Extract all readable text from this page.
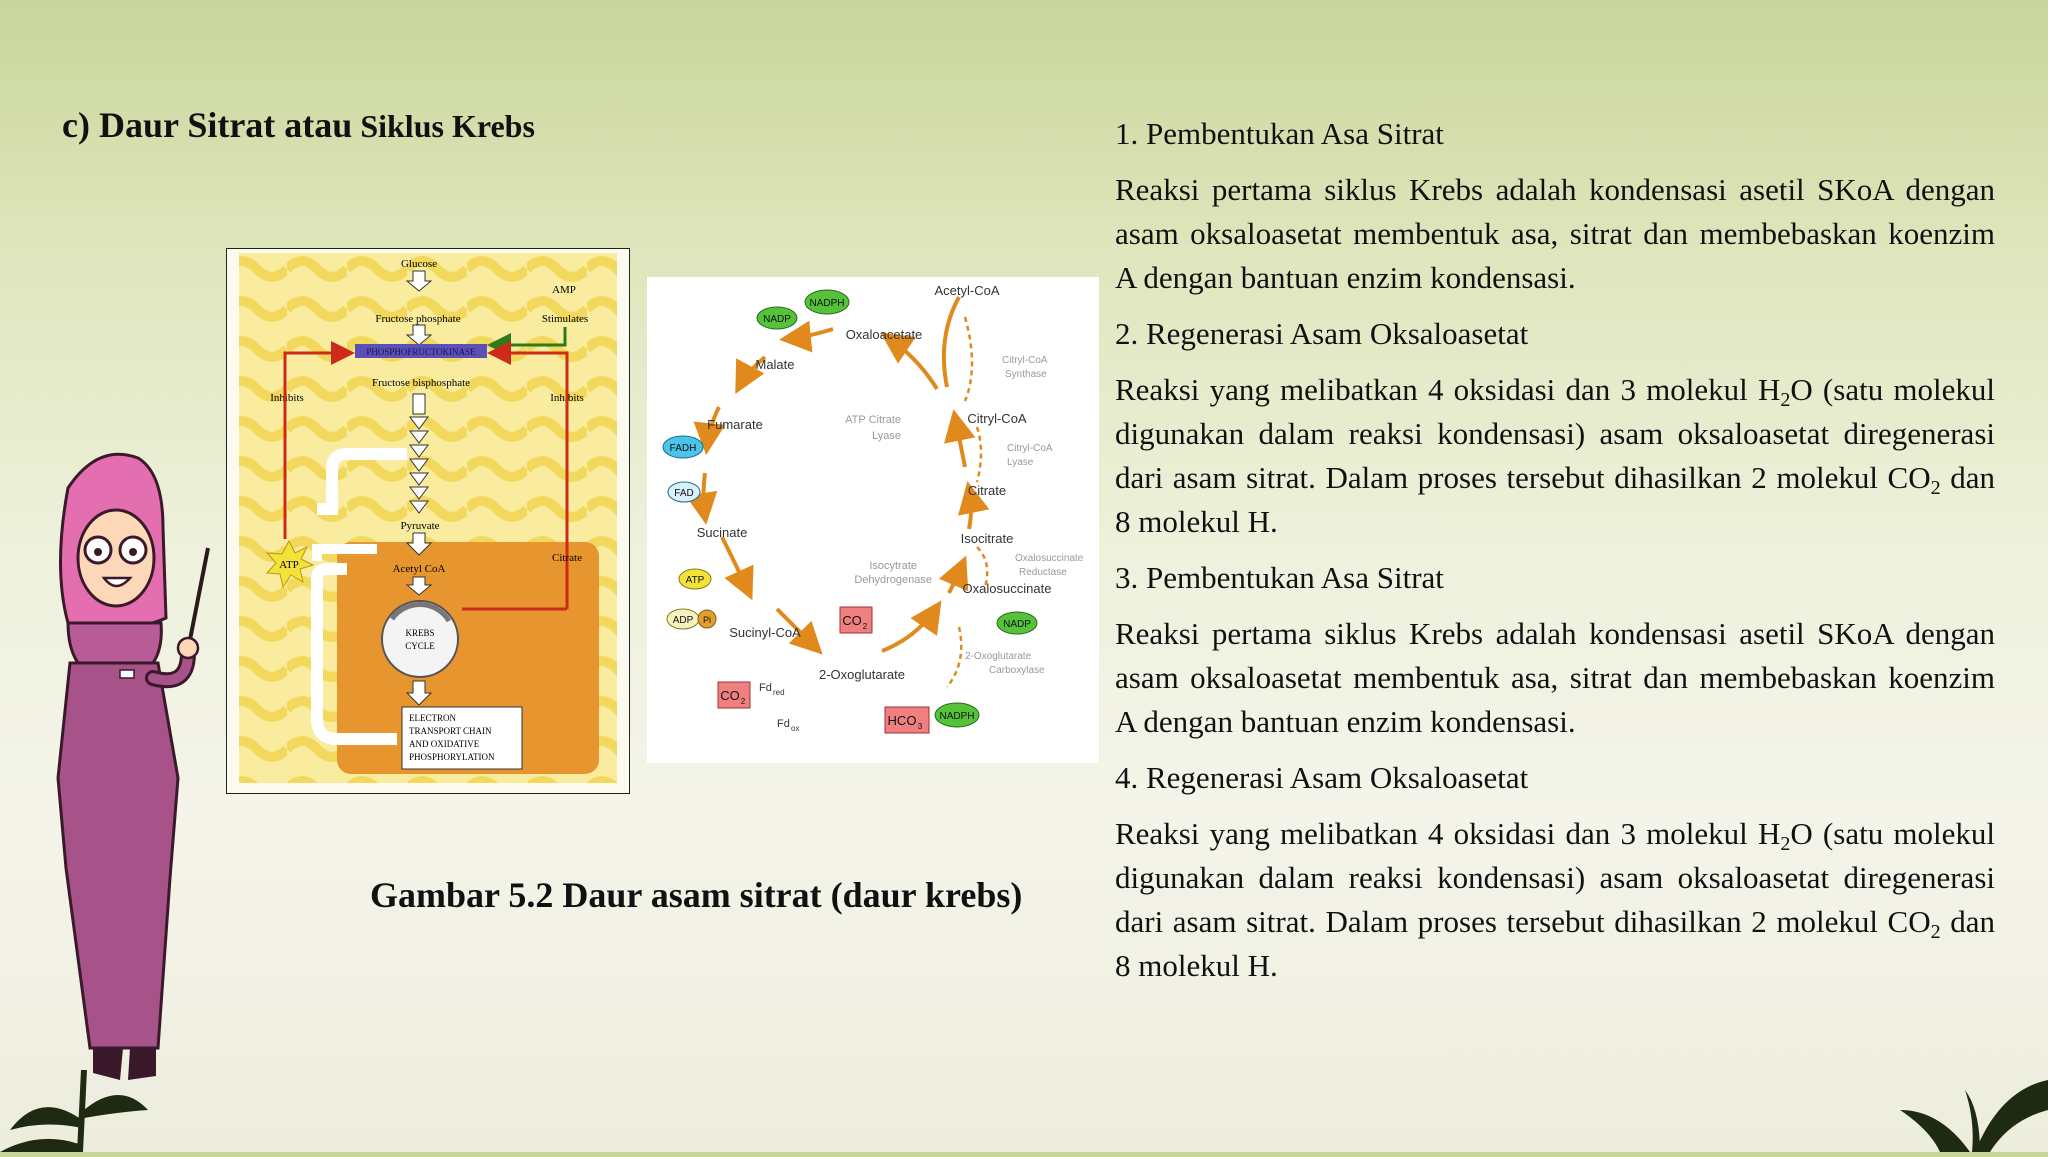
c) Daur Sitrat atau Siklus Krebs
Glucose
Fructose phosphate
PHOSPHOFRUCTOKINASE
Fructose bisphosphate
AMP
Stimulates
Inhibits	Inhibits
Citrate
Pyruvate
ATP	Acetyl CoA
KREBS
CYCLE
ELECTRON
TRANSPORT CHAIN
AND OXIDATIVE
PHOSPHORYLATION
Acetyl-CoA
Oxaloacetate
Malate
Fumarate
Sucinate
Sucinyl-CoA
2-Oxoglutarate
Oxalosuccinate
Isocitrate
Citrate
Citryl-CoA
Citryl-CoA
Synthase
ATP Citrate
Lyase
Citryl-CoA
Lyase
Isocytrate
Dehydrogenase
Oxalosuccinate
Reductase
2-Oxoglutarate
Carboxylase
NADP
NADPH
FADH
FAD
ATP
ADP Pi	NADP
NADPH
CO 2
CO 2
HCO 3
Fd red
Fd ox

Gambar 5.2 Daur asam sitrat (daur krebs)

1. Pembentukan Asa Sitrat

Reaksi pertama siklus Krebs adalah kondensasi asetil SKoA dengan asam oksaloasetat membentuk asa, sitrat dan membebaskan koenzim A dengan bantuan enzim kondensasi.

2. Regenerasi Asam Oksaloasetat

Reaksi yang melibatkan 4 oksidasi dan 3 molekul $H_2O$ (satu molekul digunakan dalam reaksi kondensasi) asam oksaloasetat diregenerasi dari asam sitrat. Dalam proses tersebut dihasilkan 2 molekul $CO_2$ dan 8 molekul H.

3. Pembentukan Asa Sitrat

Reaksi pertama siklus Krebs adalah kondensasi asetil SKoA dengan asam oksaloasetat membentuk asa, sitrat dan membebaskan koenzim A dengan bantuan enzim kondensasi.

4. Regenerasi Asam Oksaloasetat

Reaksi yang melibatkan 4 oksidasi dan 3 molekul $H_2O$ (satu molekul digunakan dalam reaksi kondensasi) asam oksaloasetat diregenerasi dari asam sitrat. Dalam proses tersebut dihasilkan 2 molekul $CO_2$ dan 8 molekul H.
